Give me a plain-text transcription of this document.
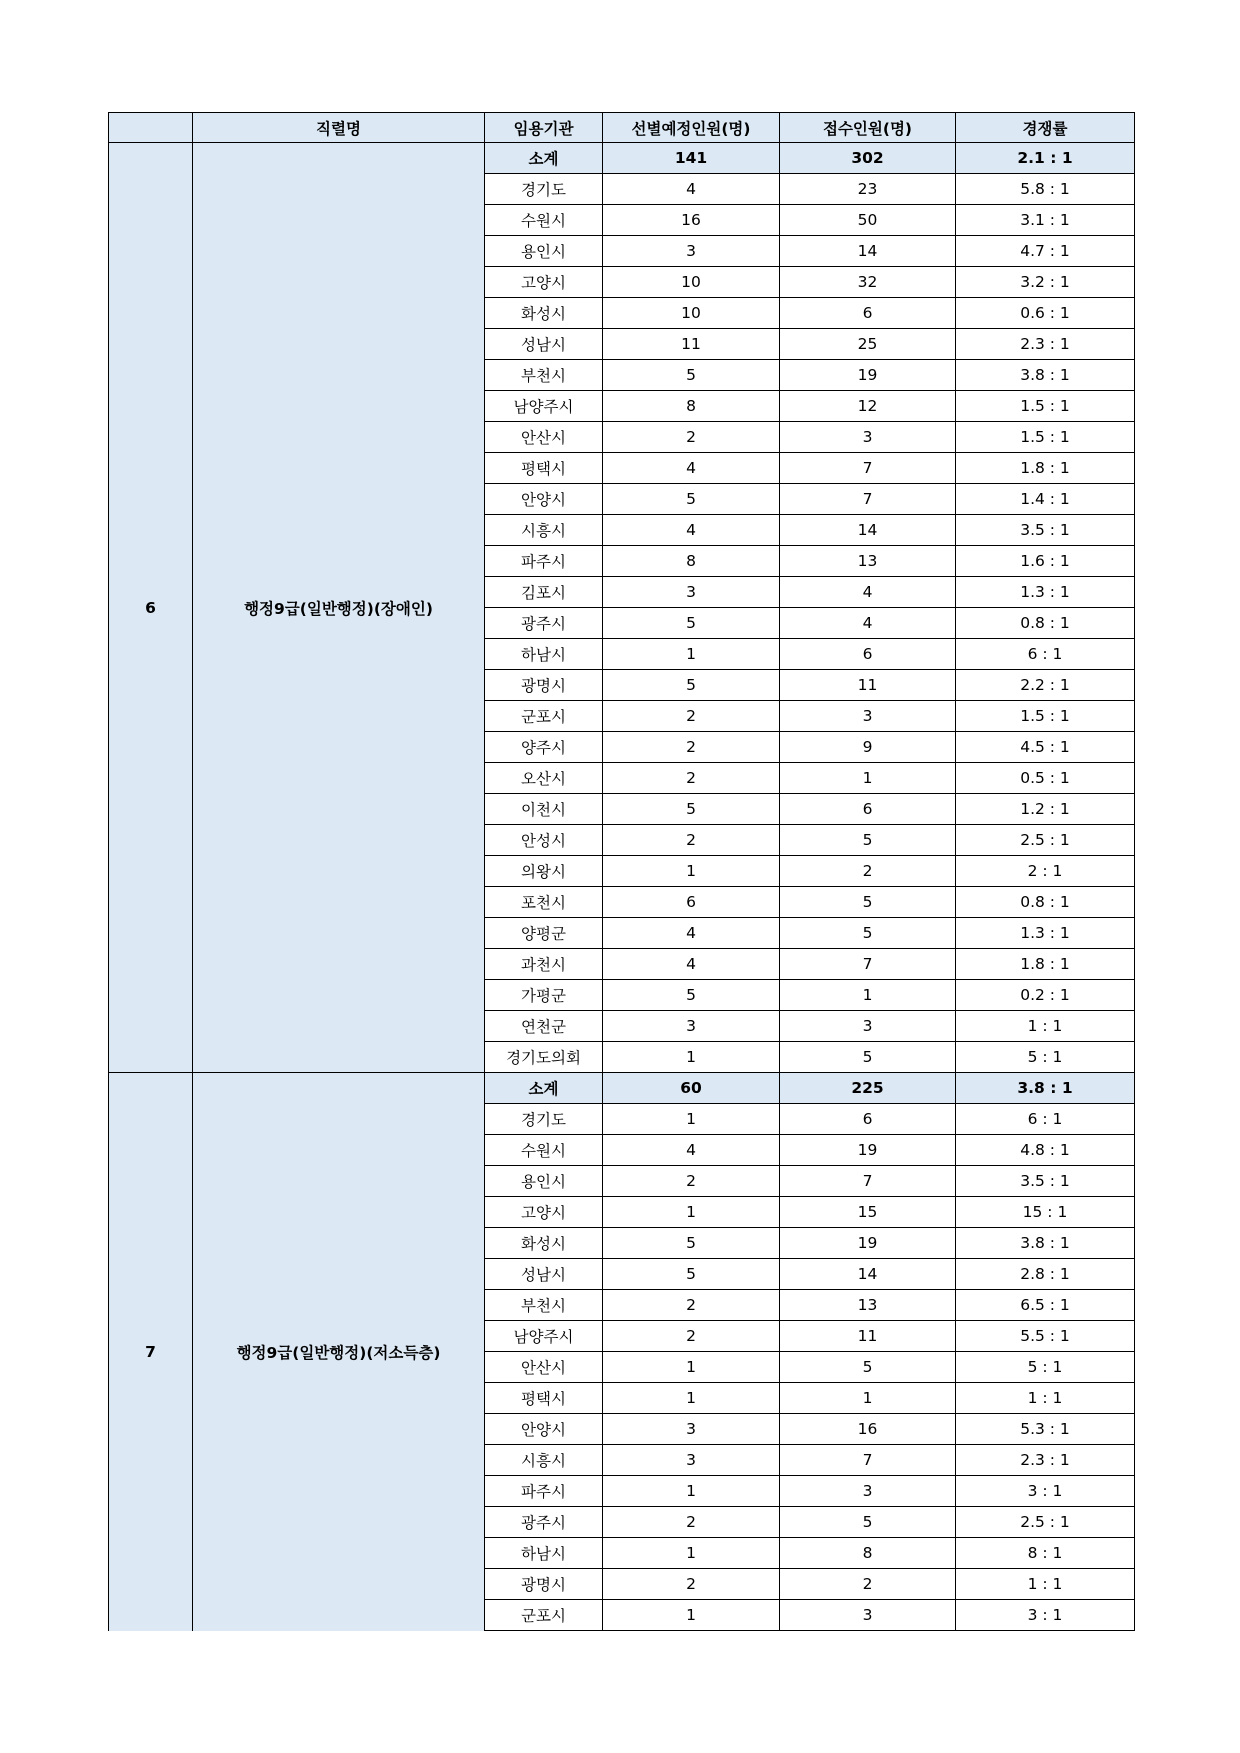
	직렬명	임용기관	선별예정인원(명)	접수인원(명)	경쟁률
6	행정9급(일반행정)(장애인)	소계	141	302	2.1 : 1
		경기도	4	23	5.8 : 1
		수원시	16	50	3.1 : 1
		용인시	3	14	4.7 : 1
		고양시	10	32	3.2 : 1
		화성시	10	6	0.6 : 1
		성남시	11	25	2.3 : 1
		부천시	5	19	3.8 : 1
		남양주시	8	12	1.5 : 1
		안산시	2	3	1.5 : 1
		평택시	4	7	1.8 : 1
		안양시	5	7	1.4 : 1
		시흥시	4	14	3.5 : 1
		파주시	8	13	1.6 : 1
		김포시	3	4	1.3 : 1
		광주시	5	4	0.8 : 1
		하남시	1	6	6 : 1
		광명시	5	11	2.2 : 1
		군포시	2	3	1.5 : 1
		양주시	2	9	4.5 : 1
		오산시	2	1	0.5 : 1
		이천시	5	6	1.2 : 1
		안성시	2	5	2.5 : 1
		의왕시	1	2	2 : 1
		포천시	6	5	0.8 : 1
		양평군	4	5	1.3 : 1
		과천시	4	7	1.8 : 1
		가평군	5	1	0.2 : 1
		연천군	3	3	1 : 1
		경기도의회	1	5	5 : 1
7	행정9급(일반행정)(저소득층)	소계	60	225	3.8 : 1
		경기도	1	6	6 : 1
		수원시	4	19	4.8 : 1
		용인시	2	7	3.5 : 1
		고양시	1	15	15 : 1
		화성시	5	19	3.8 : 1
		성남시	5	14	2.8 : 1
		부천시	2	13	6.5 : 1
		남양주시	2	11	5.5 : 1
		안산시	1	5	5 : 1
		평택시	1	1	1 : 1
		안양시	3	16	5.3 : 1
		시흥시	3	7	2.3 : 1
		파주시	1	3	3 : 1
		광주시	2	5	2.5 : 1
		하남시	1	8	8 : 1
		광명시	2	2	1 : 1
		군포시	1	3	3 : 1
